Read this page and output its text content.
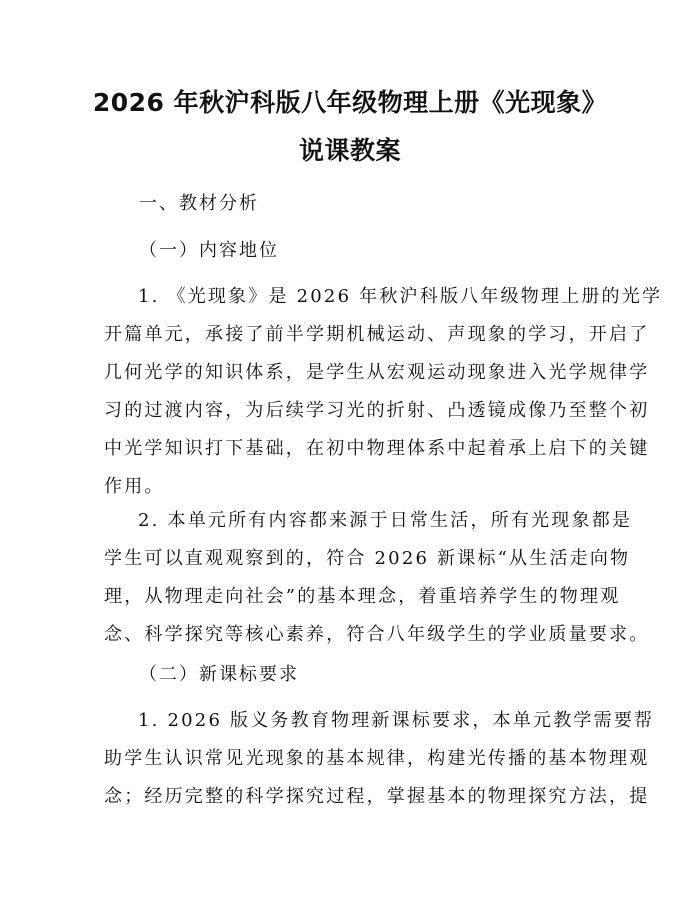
2026 年秋沪科版八年级物理上册《光现象》
说课教案
一、教材分析
（一）内容地位
1. 《光现象》是 2026 年秋沪科版八年级物理上册的光学
开篇单元，承接了前半学期机械运动、声现象的学习，开启了
几何光学的知识体系，是学生从宏观运动现象进入光学规律学
习的过渡内容，为后续学习光的折射、凸透镜成像乃至整个初
中光学知识打下基础，在初中物理体系中起着承上启下的关键
作用。
2. 本单元所有内容都来源于日常生活，所有光现象都是
学生可以直观观察到的，符合 2026 新课标“从生活走向物
理，从物理走向社会”的基本理念，着重培养学生的物理观
念、科学探究等核心素养，符合八年级学生的学业质量要求。
（二）新课标要求
1. 2026 版义务教育物理新课标要求，本单元教学需要帮
助学生认识常见光现象的基本规律，构建光传播的基本物理观
念；经历完整的科学探究过程，掌握基本的物理探究方法，提
